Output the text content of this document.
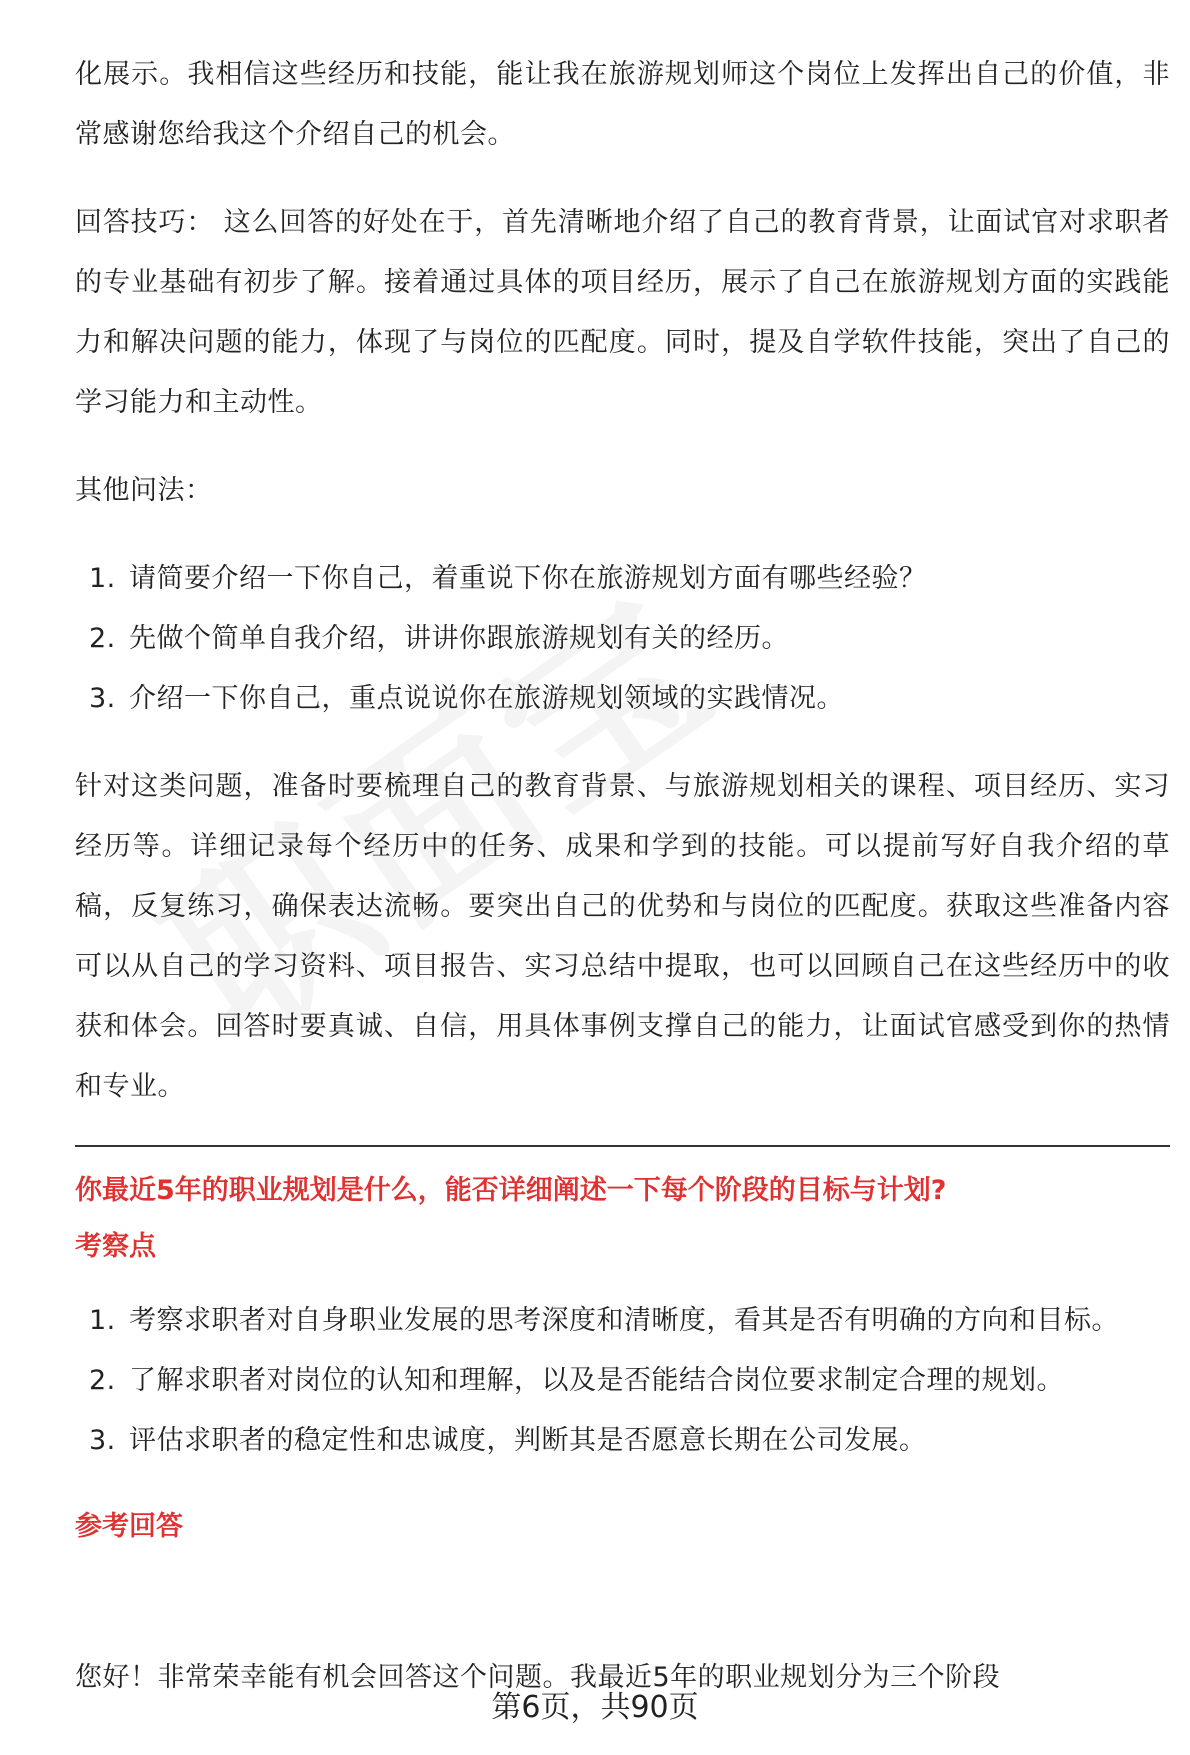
化展示。我相信这些经历和技能，能让我在旅游规划师这个岗位上发挥出自己的价值，非常感谢您给我这个介绍自己的机会。

回答技巧： 这么回答的好处在于，首先清晰地介绍了自己的教育背景，让面试官对求职者的专业基础有初步了解。接着通过具体的项目经历，展示了自己在旅游规划方面的实践能力和解决问题的能力，体现了与岗位的匹配度。同时，提及自学软件技能，突出了自己的学习能力和主动性。

其他问法：

1. 请简要介绍一下你自己，着重说下你在旅游规划方面有哪些经验？
2. 先做个简单自我介绍，讲讲你跟旅游规划有关的经历。
3. 介绍一下你自己，重点说说你在旅游规划领域的实践情况。

针对这类问题，准备时要梳理自己的教育背景、与旅游规划相关的课程、项目经历、实习经历等。详细记录每个经历中的任务、成果和学到的技能。可以提前写好自我介绍的草稿，反复练习，确保表达流畅。要突出自己的优势和与岗位的匹配度。获取这些准备内容可以从自己的学习资料、项目报告、实习总结中提取，也可以回顾自己在这些经历中的收获和体会。回答时要真诚、自信，用具体事例支撑自己的能力，让面试官感受到你的热情和专业。

你最近5年的职业规划是什么，能否详细阐述一下每个阶段的目标与计划?

考察点

1. 考察求职者对自身职业发展的思考深度和清晰度，看其是否有明确的方向和目标。
2. 了解求职者对岗位的认知和理解，以及是否能结合岗位要求制定合理的规划。
3. 评估求职者的稳定性和忠诚度，判断其是否愿意长期在公司发展。

参考回答

您好！非常荣幸能有机会回答这个问题。我最近5年的职业规划分为三个阶段
第6页，共90页
